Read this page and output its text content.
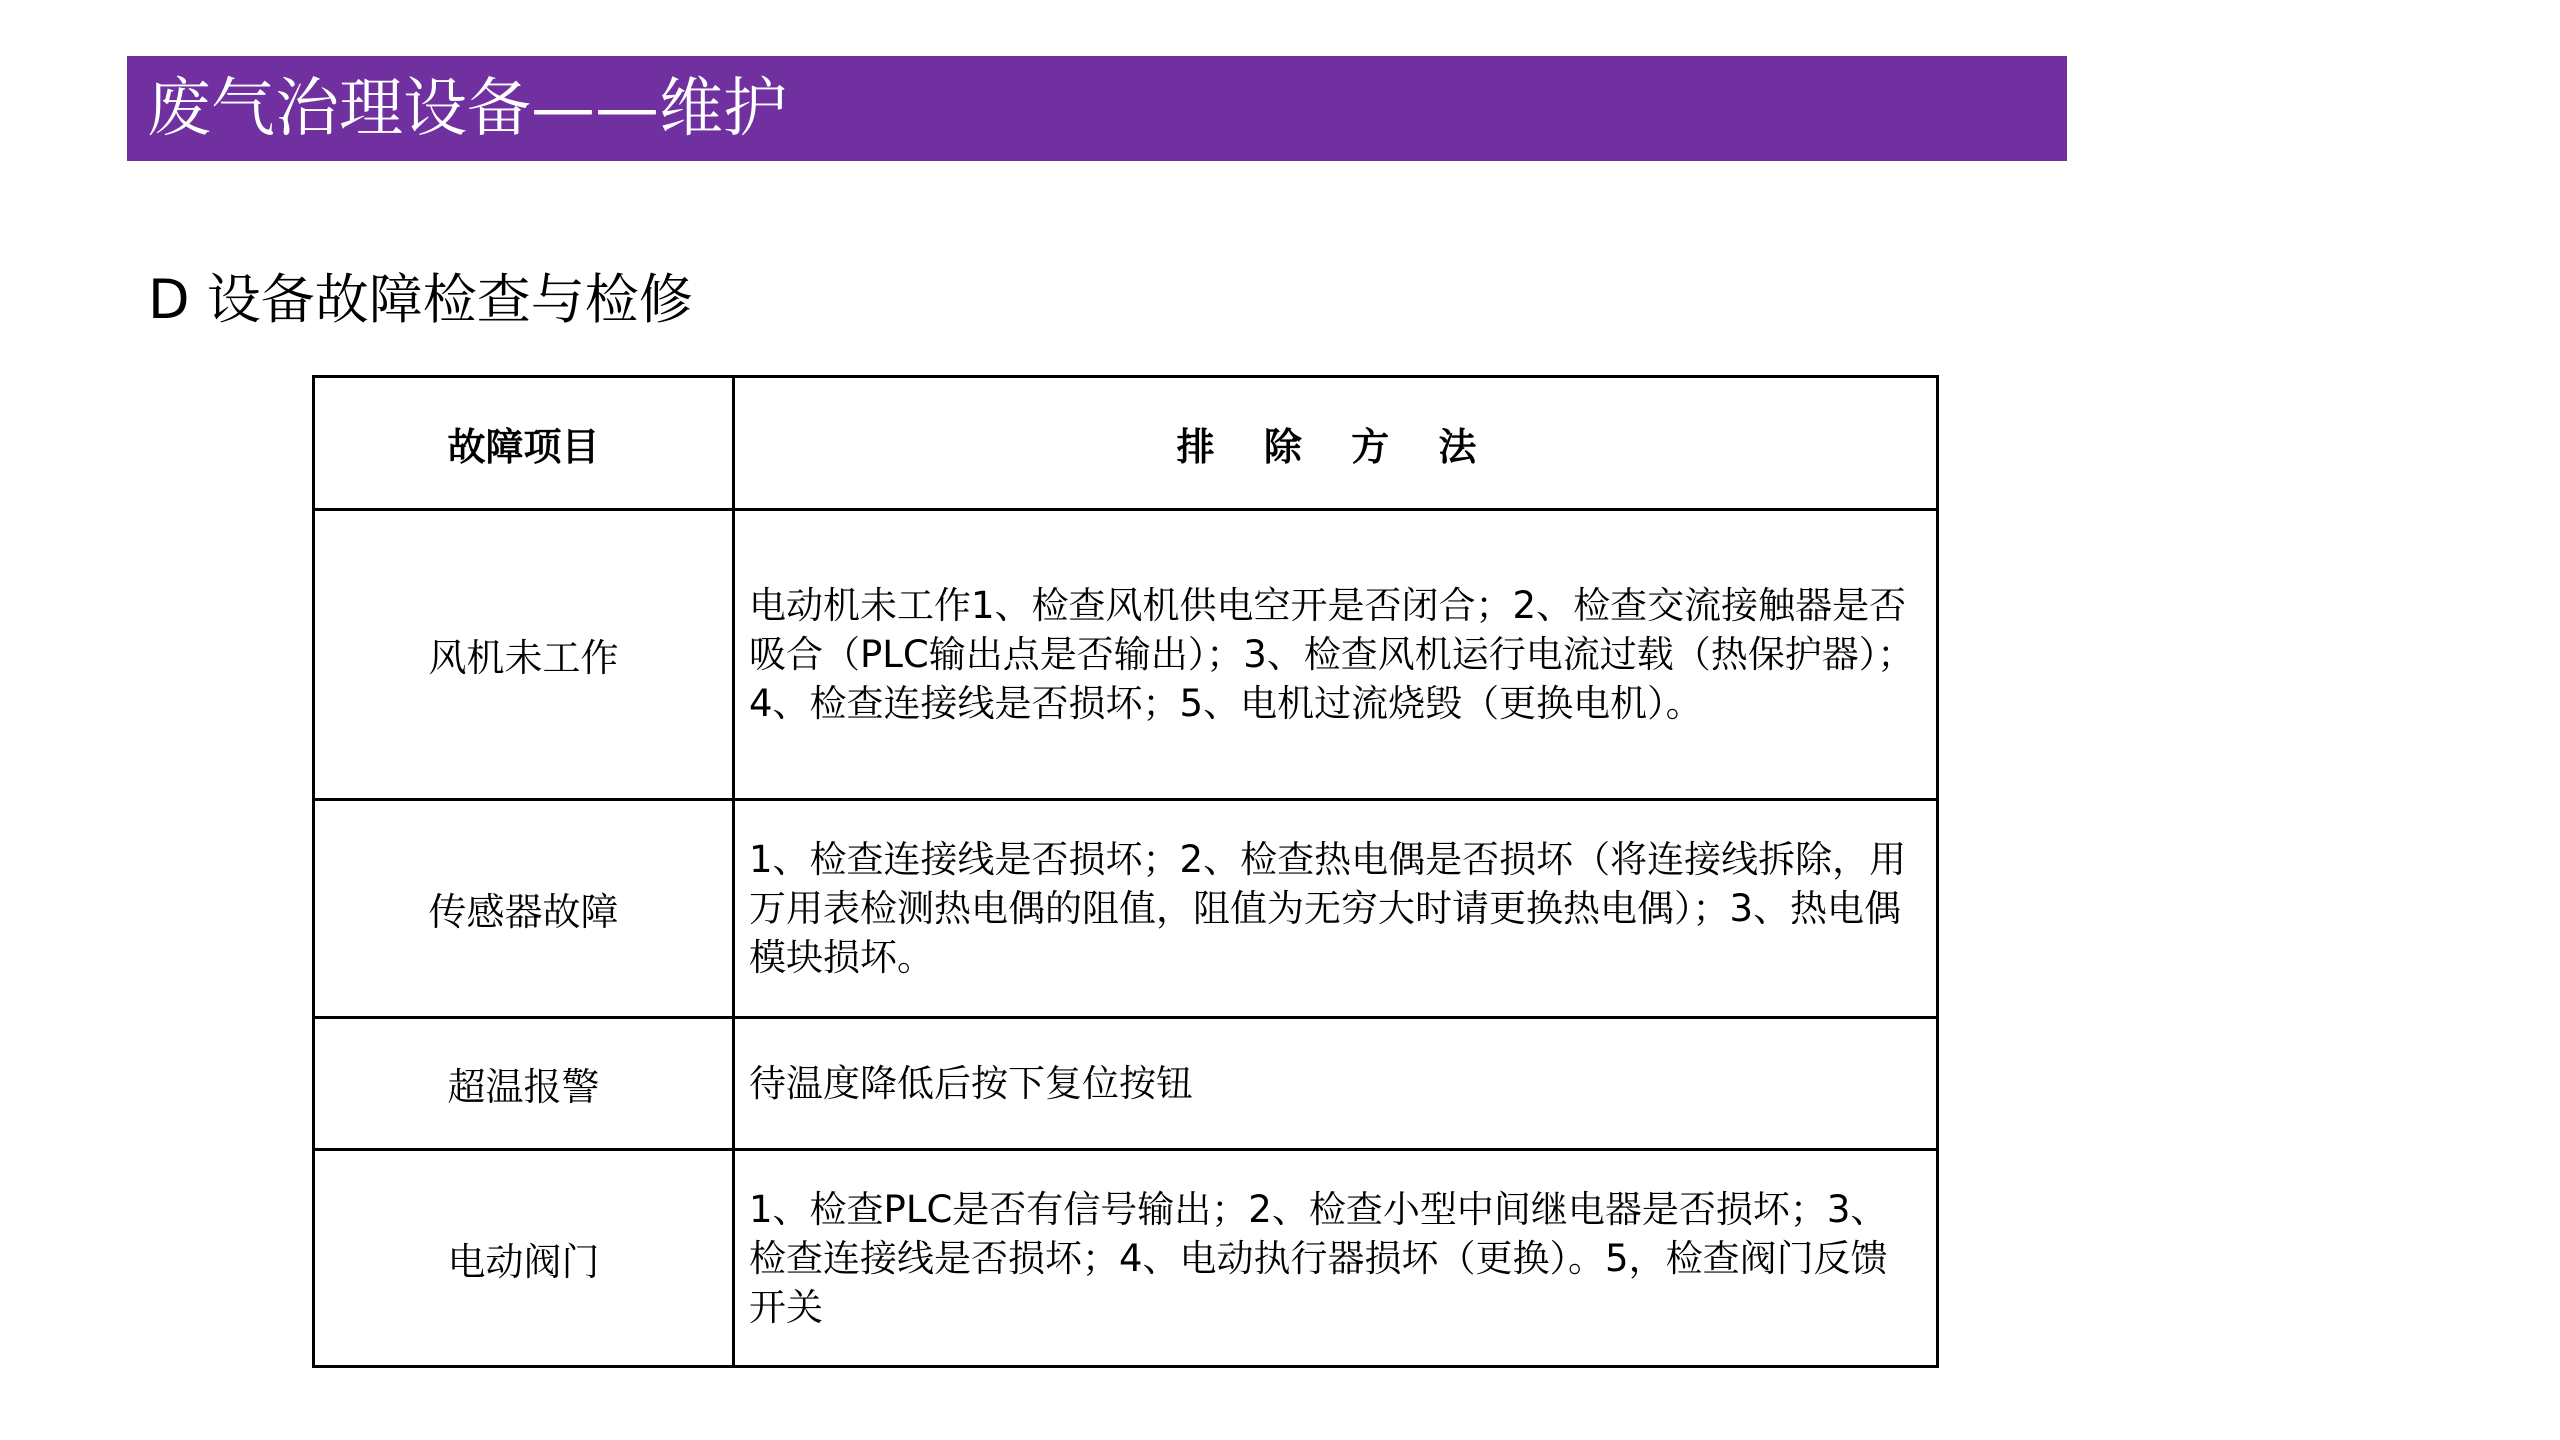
废气治理设备——维护
D 设备故障检查与检修
故障项目	排 除 方 法
风机未工作	电动机未工作1、检查风机供电空开是否闭合；2、检查交流接触器是否吸合（PLC输出点是否输出）；3、检查风机运行电流过载（热保护器）；4、检查连接线是否损坏；5、电机过流烧毁（更换电机）。
传感器故障	1、检查连接线是否损坏；2、检查热电偶是否损坏（将连接线拆除，用万用表检测热电偶的阻值，阻值为无穷大时请更换热电偶）；3、热电偶模块损坏。
超温报警	待温度降低后按下复位按钮
电动阀门	1、检查PLC是否有信号输出；2、检查小型中间继电器是否损坏；3、检查连接线是否损坏；4、电动执行器损坏（更换）。5，检查阀门反馈开关
